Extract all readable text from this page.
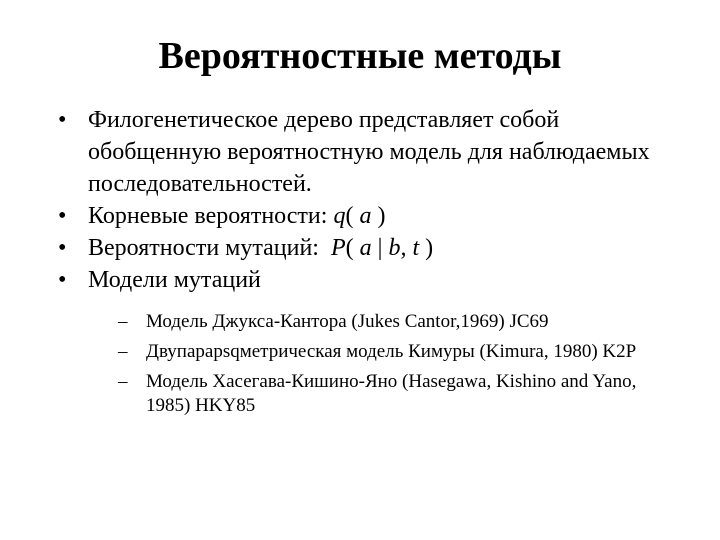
Вероятностные методы
• Филогенетическое дерево представляет собой обобщенную вероятностную модель для наблюдаемых последовательностей.
• Корневые вероятности: q( a )
• Вероятности мутаций:  P( a | b, t )
• Модели мутаций
– Модель Джукса-Кантора (Jukes Cantor,1969) JC69
– Двупарарsqметрическая модель Кимуры (Kimura, 1980) K2P
– Модель Хасегава-Кишино-Яно (Hasegawa, Kishino and Yano, 1985) HKY85
